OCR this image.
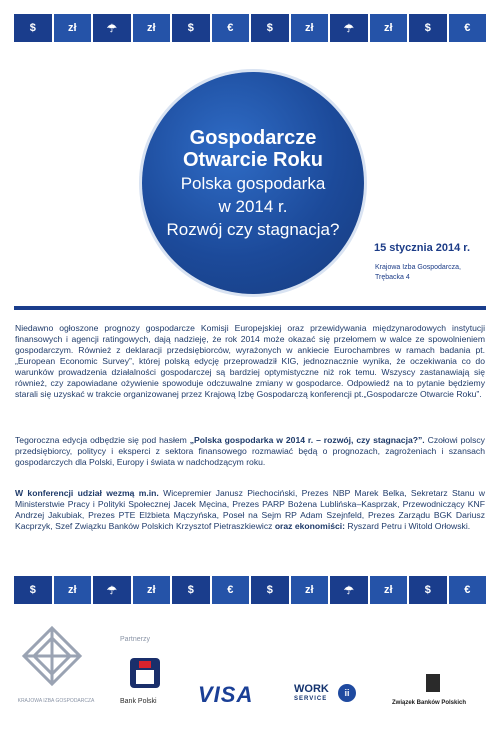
$	zł	☂	zł	$	€	$	zł	☂	zł	$	€
Gospodarcze
Otwarcie Roku
Polska gospodarka
w 2014 r.
Rozwój czy stagnacja?
15 stycznia 2014 r.
Krajowa Izba Gospodarcza,
Trębacka 4
Niedawno ogłoszone prognozy gospodarcze Komisji Europejskiej oraz przewidywania międzynarodowych instytucji finansowych i agencji ratingowych, dają nadzieję, że rok 2014 może okazać się przełomem w walce ze spowolnieniem gospodarczym. Również z deklaracji przedsiębiorców, wyrażonych w ankiecie Eurochambres w ramach badania pt. „European Economic Survey”, której polską edycję przeprowadził KIG, jednoznacznie wynika, że oczekiwania co do warunków prowadzenia działalności gospodarczej są bardziej optymistyczne niż rok temu. Wszyscy zastanawiają się również, czy zapowiadane ożywienie spowoduje odczuwalne zmiany w gospodarce. Odpowiedź na to pytanie będziemy starali się uzyskać w trakcie organizowanej przez Krajową Izbę Gospodarczą konferencji pt.„Gospodarcze Otwarcie Roku”.
Tegoroczna edycja odbędzie się pod hasłem „Polska gospodarka w 2014 r. – rozwój, czy stagnacja?”. Czołowi polscy przedsiębiorcy, politycy i eksperci z sektora finansowego rozmawiać będą o prognozach, zagrożeniach i szansach gospodarczych dla Polski, Europy i świata w nadchodzącym roku.
W konferencji udział wezmą m.in. Wicepremier Janusz Piechociński, Prezes NBP Marek Belka, Sekretarz Stanu w Ministerstwie Pracy i Polityki Społecznej Jacek Męcina, Prezes PARP Bożena Lublińska–Kasprzak, Przewodniczący KNF Andrzej Jakubiak, Prezes PTE Elżbieta Mączyńska, Poseł na Sejm RP Adam Szejnfeld, Prezes Zarządu BGK Dariusz Kacprzyk, Szef Związku Banków Polskich Krzysztof Pietraszkiewicz oraz ekonomiści: Ryszard Petru i Witold Orłowski.
$	zł	☂	zł	$	€	$	zł	☂	zł	$	€
KRAJOWA IZBA GOSPODARCZA
Partnerzy
Bank Polski VISA	WORK
SERVICE
ⅲ
Związek Banków Polskich
